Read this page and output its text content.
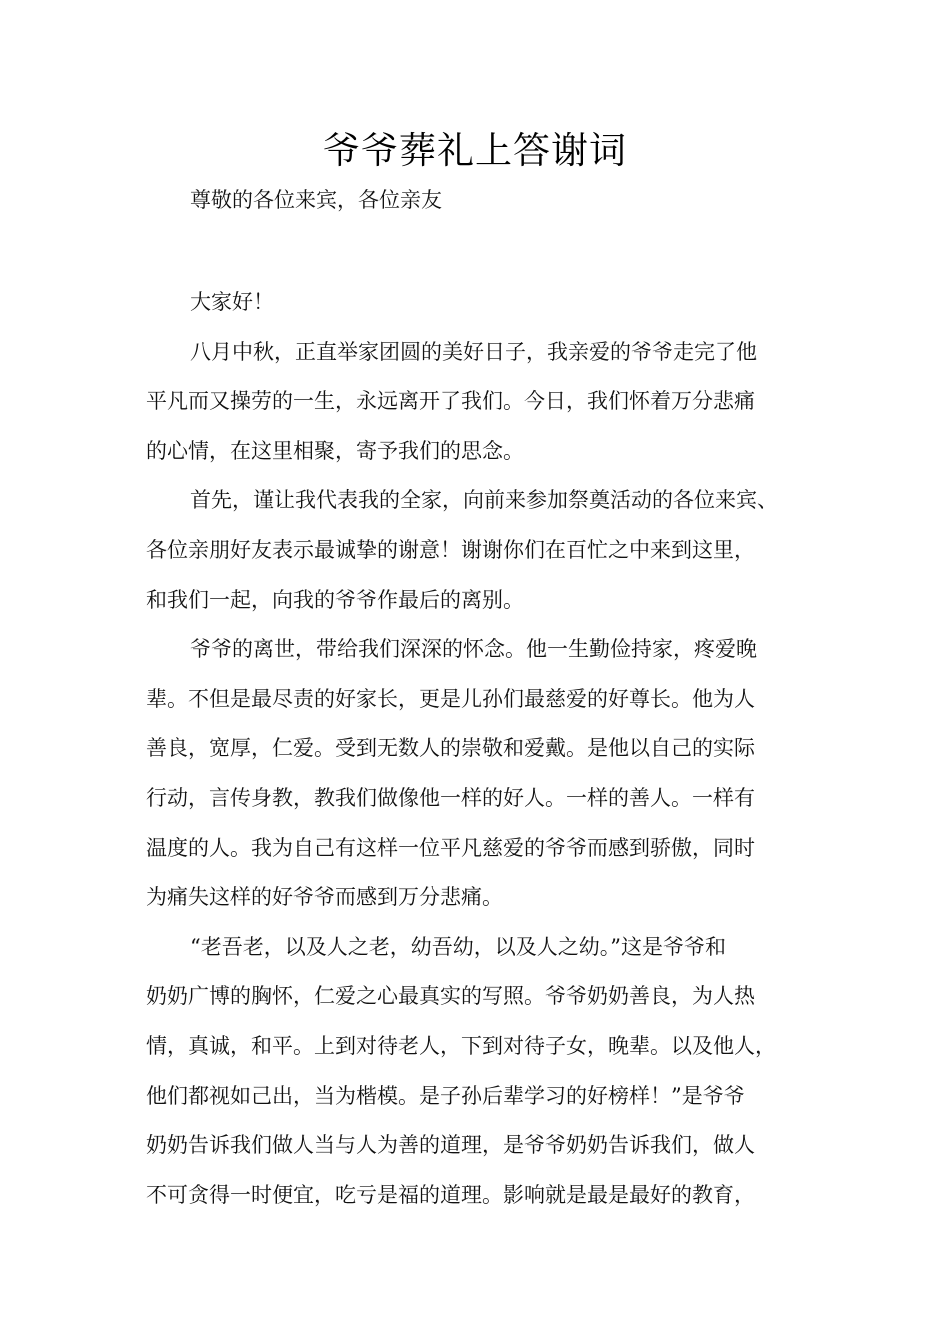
爷爷葬礼上答谢词
尊敬的各位来宾，各位亲友
大家好！
八月中秋，正直举家团圆的美好日子，我亲爱的爷爷走完了他
平凡而又操劳的一生，永远离开了我们。今日，我们怀着万分悲痛
的心情，在这里相聚，寄予我们的思念。
首先，谨让我代表我的全家，向前来参加祭奠活动的各位来宾、
各位亲朋好友表示最诚挚的谢意！谢谢你们在百忙之中来到这里，
和我们一起，向我的爷爷作最后的离别。
爷爷的离世，带给我们深深的怀念。他一生勤俭持家，疼爱晚
辈。不但是最尽责的好家长，更是儿孙们最慈爱的好尊长。他为人
善良，宽厚，仁爱。受到无数人的崇敬和爱戴。是他以自己的实际
行动，言传身教，教我们做像他一样的好人。一样的善人。一样有
温度的人。我为自己有这样一位平凡慈爱的爷爷而感到骄傲，同时
为痛失这样的好爷爷而感到万分悲痛。
“老吾老，以及人之老，幼吾幼，以及人之幼。”这是爷爷和
奶奶广博的胸怀，仁爱之心最真实的写照。爷爷奶奶善良，为人热
情，真诚，和平。上到对待老人，下到对待子女，晚辈。以及他人，
他们都视如己出，当为楷模。是子孙后辈学习的好榜样！”是爷爷
奶奶告诉我们做人当与人为善的道理，是爷爷奶奶告诉我们，做人
不可贪得一时便宜，吃亏是福的道理。影响就是最是最好的教育，
